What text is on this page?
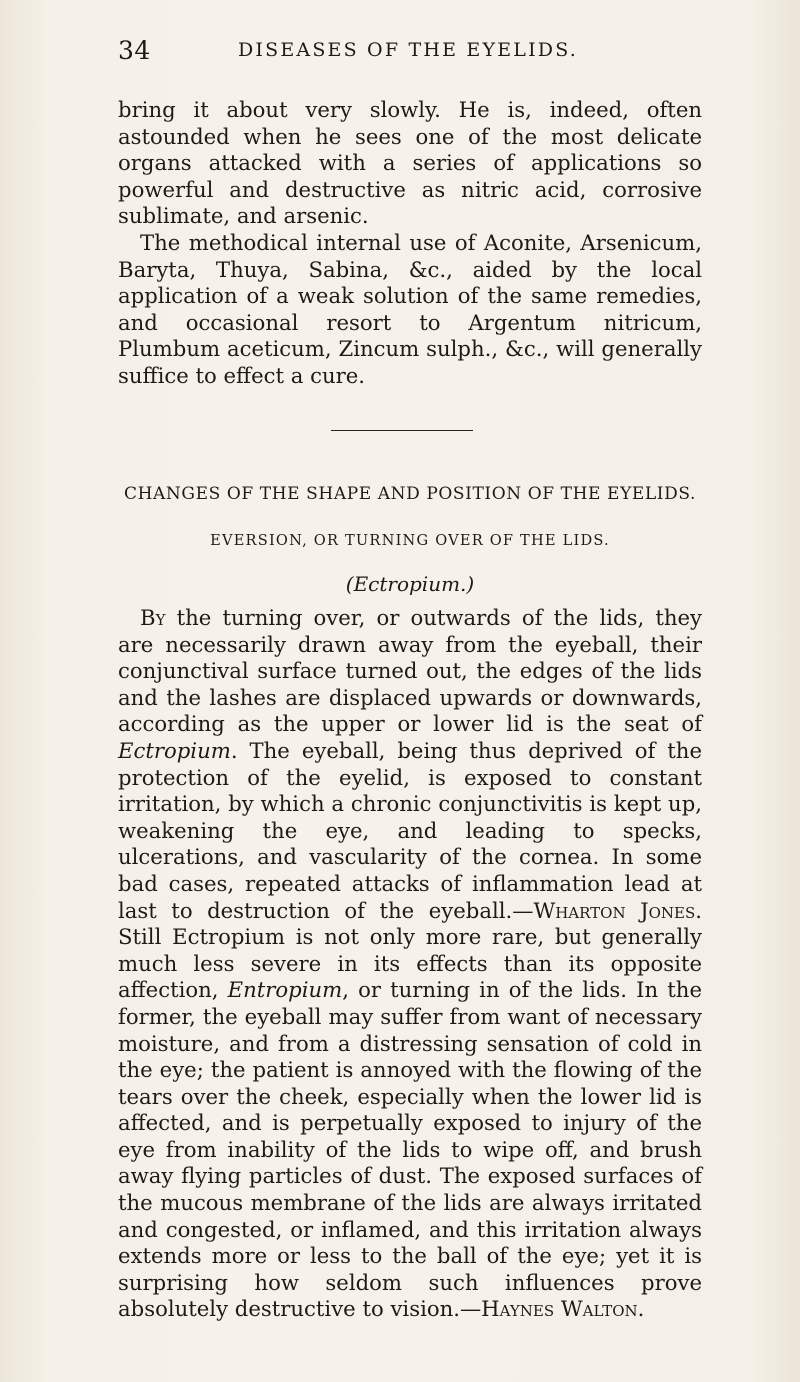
34	DISEASES OF THE EYELIDS.

bring it about very slowly. He is, indeed, often astounded when he sees one of the most delicate organs attacked with a series of applications so powerful and destructive as nitric acid, corrosive sublimate, and arsenic.

The methodical internal use of Aconite, Arsenicum, Baryta, Thuya, Sabina, &c., aided by the local application of a weak solution of the same remedies, and occasional resort to Argentum nitricum, Plumbum aceticum, Zincum sulph., &c., will generally suffice to effect a cure.

CHANGES OF THE SHAPE AND POSITION OF THE EYELIDS.
EVERSION, OR TURNING OVER OF THE LIDS.
(Ectropium.)

By the turning over, or outwards of the lids, they are necessarily drawn away from the eyeball, their conjunctival surface turned out, the edges of the lids and the lashes are displaced upwards or downwards, according as the upper or lower lid is the seat of Ectropium. The eyeball, being thus deprived of the protection of the eyelid, is exposed to constant irritation, by which a chronic conjunctivitis is kept up, weakening the eye, and leading to specks, ulcerations, and vascularity of the cornea. In some bad cases, repeated attacks of inflammation lead at last to destruction of the eyeball.—Wharton Jones. Still Ectropium is not only more rare, but generally much less severe in its effects than its opposite affection, Entropium, or turning in of the lids. In the former, the eyeball may suffer from want of necessary moisture, and from a distressing sensation of cold in the eye; the patient is annoyed with the flowing of the tears over the cheek, especially when the lower lid is affected, and is perpetually exposed to injury of the eye from inability of the lids to wipe off, and brush away flying particles of dust. The exposed surfaces of the mucous membrane of the lids are always irritated and congested, or inflamed, and this irritation always extends more or less to the ball of the eye; yet it is surprising how seldom such influences prove absolutely destructive to vision.—Haynes Walton.
